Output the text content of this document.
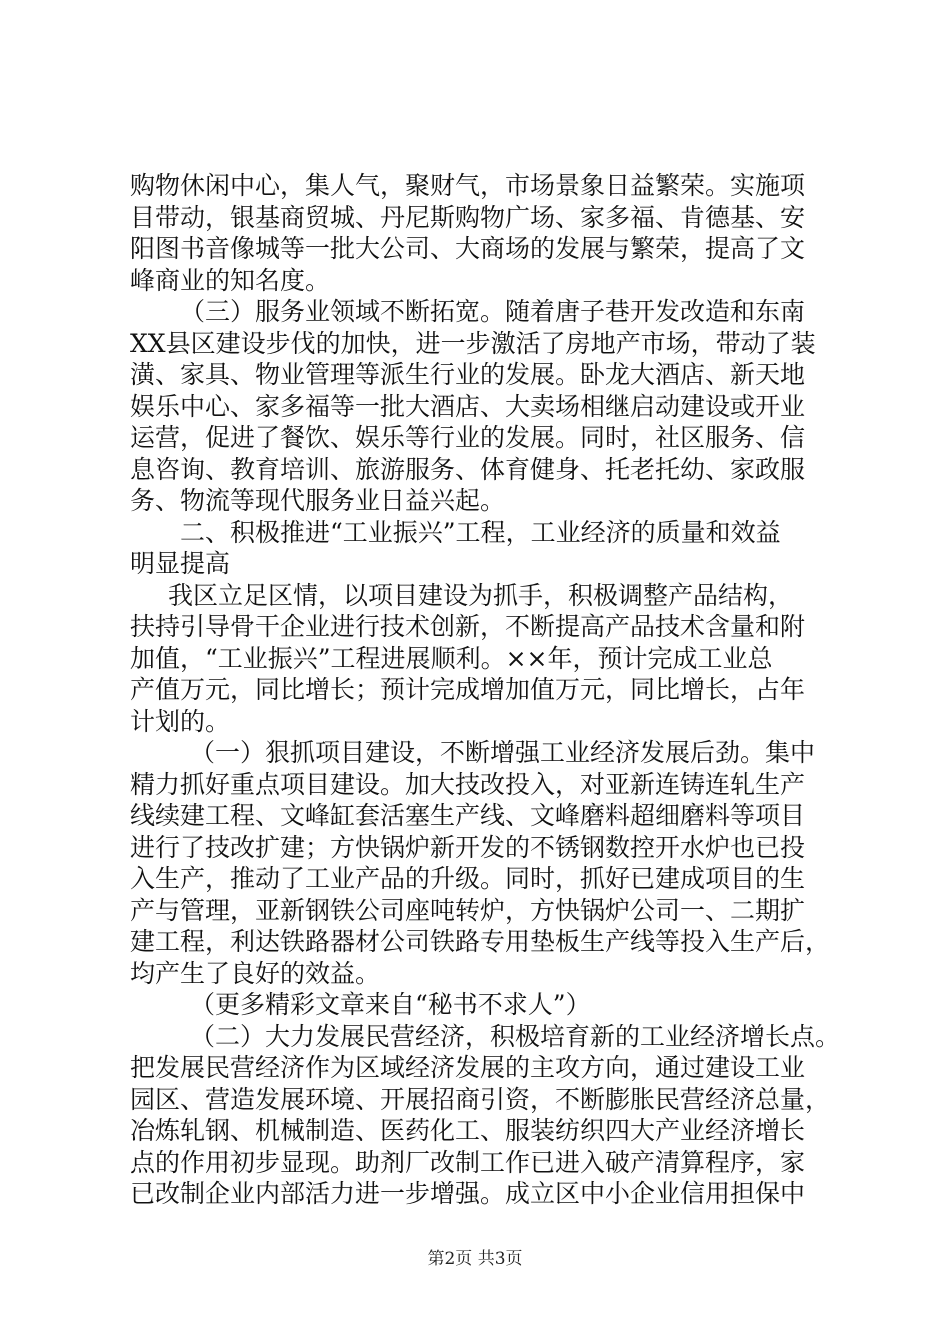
购物休闲中心，集人气，聚财气，市场景象日益繁荣。实施项
目带动，银基商贸城、丹尼斯购物广场、家多福、肯德基、安
阳图书音像城等一批大公司、大商场的发展与繁荣，提高了文
峰商业的知名度。
（三）服务业领域不断拓宽。随着唐子巷开发改造和东南
XX县区建设步伐的加快，进一步激活了房地产市场，带动了装
潢、家具、物业管理等派生行业的发展。卧龙大酒店、新天地
娱乐中心、家多福等一批大酒店、大卖场相继启动建设或开业
运营，促进了餐饮、娱乐等行业的发展。同时，社区服务、信
息咨询、教育培训、旅游服务、体育健身、托老托幼、家政服
务、物流等现代服务业日益兴起。
二、积极推进“工业振兴”工程，工业经济的质量和效益
明显提高
我区立足区情，以项目建设为抓手，积极调整产品结构，
扶持引导骨干企业进行技术创新，不断提高产品技术含量和附
加值，“工业振兴”工程进展顺利。××年，预计完成工业总
产值万元，同比增长；预计完成增加值万元，同比增长，占年
计划的。
（一）狠抓项目建设，不断增强工业经济发展后劲。集中
精力抓好重点项目建设。加大技改投入，对亚新连铸连轧生产
线续建工程、文峰缸套活塞生产线、文峰磨料超细磨料等项目
进行了技改扩建；方快锅炉新开发的不锈钢数控开水炉也已投
入生产，推动了工业产品的升级。同时，抓好已建成项目的生
产与管理，亚新钢铁公司座吨转炉，方快锅炉公司一、二期扩
建工程，利达铁路器材公司铁路专用垫板生产线等投入生产后，
均产生了良好的效益。
（更多精彩文章来自“秘书不求人”）
（二）大力发展民营经济，积极培育新的工业经济增长点。
把发展民营经济作为区域经济发展的主攻方向，通过建设工业
园区、营造发展环境、开展招商引资，不断膨胀民营经济总量，
冶炼轧钢、机械制造、医药化工、服装纺织四大产业经济增长
点的作用初步显现。助剂厂改制工作已进入破产清算程序，家
已改制企业内部活力进一步增强。成立区中小企业信用担保中
第2页 共3页
